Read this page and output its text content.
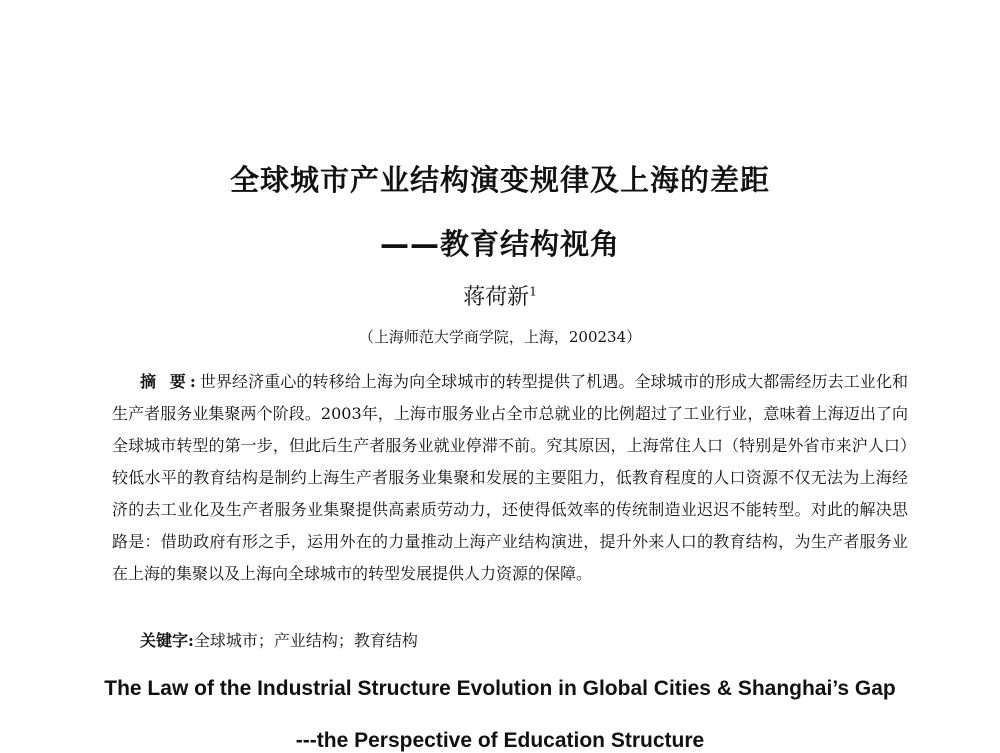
全球城市产业结构演变规律及上海的差距
——教育结构视角
蒋荷新$^1$
（上海师范大学商学院，上海，200234）

摘 要:世界经济重心的转移给上海为向全球城市的转型提供了机遇。全球城市的形成大都需经历去工业化和生产者服务业集聚两个阶段。2003年，上海市服务业占全市总就业的比例超过了工业行业，意味着上海迈出了向全球城市转型的第一步，但此后生产者服务业就业停滞不前。究其原因，上海常住人口（特别是外省市来沪人口）较低水平的教育结构是制约上海生产者服务业集聚和发展的主要阻力，低教育程度的人口资源不仅无法为上海经济的去工业化及生产者服务业集聚提供高素质劳动力，还使得低效率的传统制造业迟迟不能转型。对此的解决思路是：借助政府有形之手，运用外在的力量推动上海产业结构演进，提升外来人口的教育结构，为生产者服务业在上海的集聚以及上海向全球城市的转型发展提供人力资源的保障。

关键字:全球城市；产业结构；教育结构
The Law of the Industrial Structure Evolution in Global Cities & Shanghai’s Gap
---the Perspective of Education Structure
